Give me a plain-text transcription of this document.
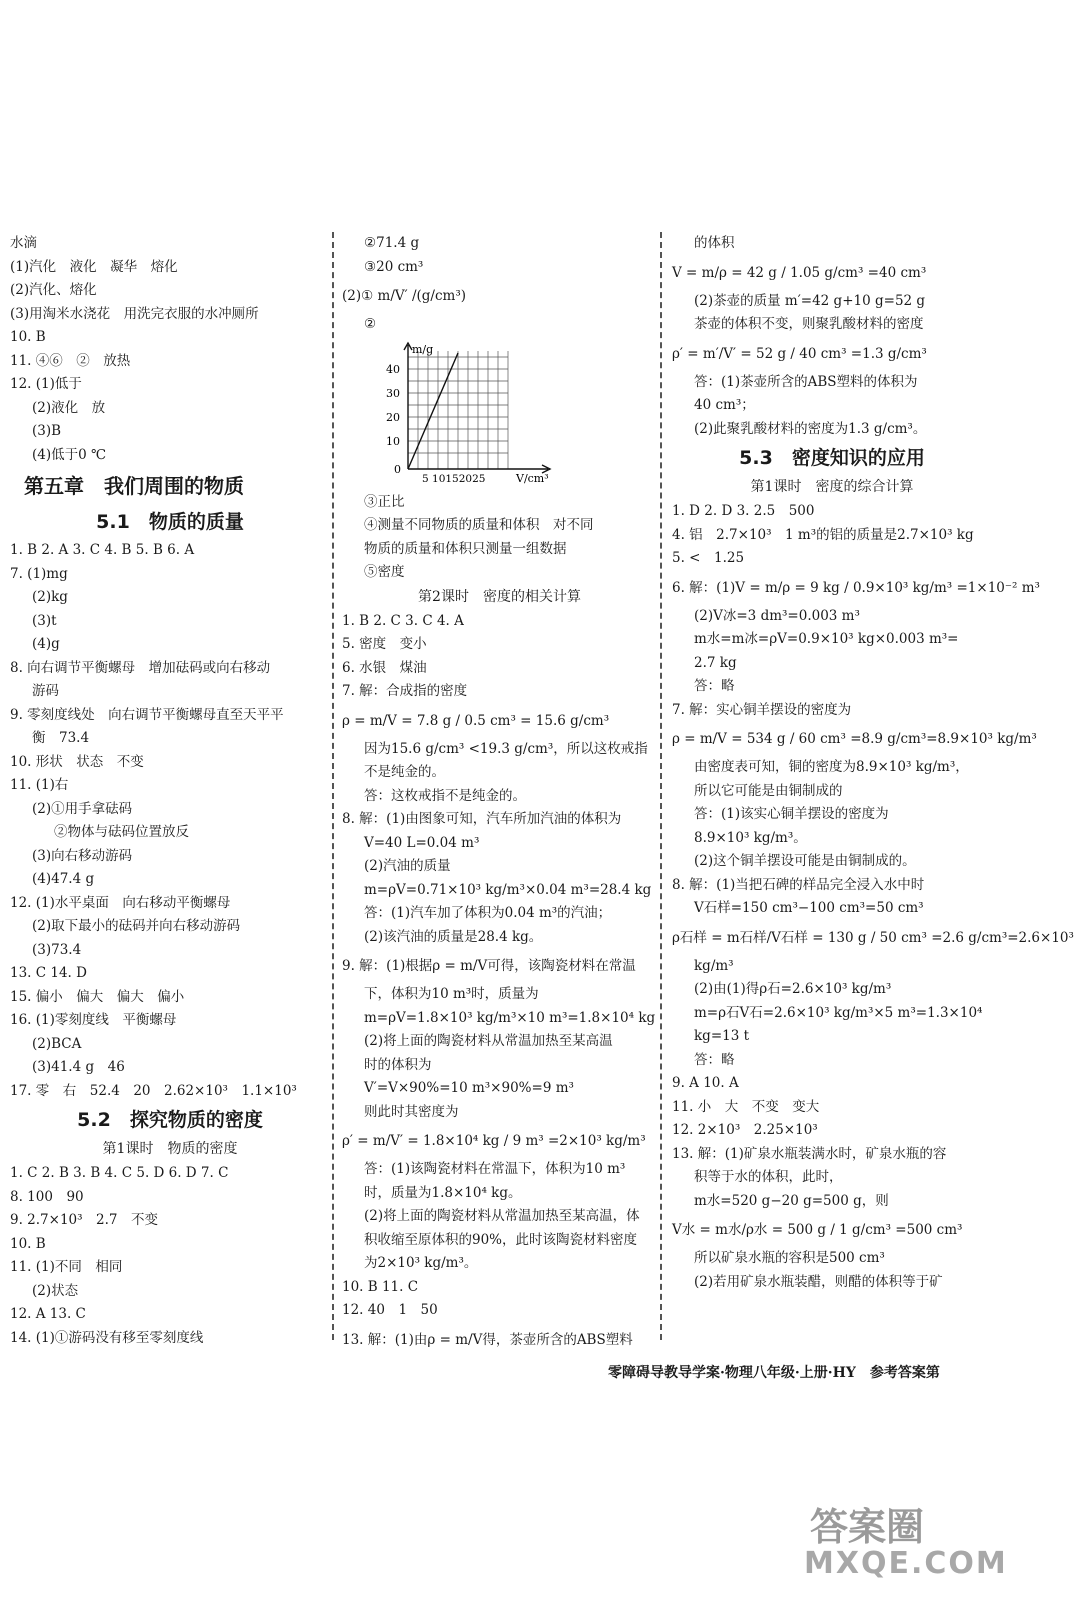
水滴
(1)汽化　液化　凝华　熔化
(2)汽化、熔化
(3)用淘米水浇花　用洗完衣服的水冲厕所
10. B
11. ④⑥　②　放热
12. (1)低于
(2)液化　放
(3)B
(4)低于0 ℃
第五章　我们周围的物质
5.1　物质的质量
1. B 2. A 3. C 4. B 5. B 6. A
7. (1)mg
(2)kg
(3)t
(4)g
8. 向右调节平衡螺母　增加砝码或向右移动
游码
9. 零刻度线处　向右调节平衡螺母直至天平平
衡　73.4
10. 形状　状态　不变
11. (1)右
(2)①用手拿砝码
②物体与砝码位置放反
(3)向右移动游码
(4)47.4 g
12. (1)水平桌面　向右移动平衡螺母
(2)取下最小的砝码并向右移动游码
(3)73.4
13. C 14. D
15. 偏小　偏大　偏大　偏小
16. (1)零刻度线　平衡螺母
(2)BCA
(3)41.4 g　46
17. 零　右　52.4　20　2.62×10³　1.1×10³
5.2　探究物质的密度
第1课时　物质的密度
1. C 2. B 3. B 4. C 5. D 6. D 7. C
8. 100　90
9. 2.7×10³　2.7　不变
10. B
11. (1)不同　相同
(2)状态
12. A 13. C
14. (1)①游码没有移至零刻度线
②71.4 g
③20 cm³
(2)① m/V′ /(g/cm³)
②
m/g
V/cm³
40
30
20
10
0
5 10152025
③正比
④测量不同物质的质量和体积　对不同
物质的质量和体积只测量一组数据
⑤密度
第2课时　密度的相关计算
1. B 2. C 3. C 4. A
5. 密度　变小
6. 水银　煤油
7. 解：合成指的密度
ρ = m/V = 7.8 g / 0.5 cm³ = 15.6 g/cm³
因为15.6 g/cm³ <19.3 g/cm³，所以这枚戒指
不是纯金的。
答：这枚戒指不是纯金的。
8. 解：(1)由图象可知，汽车所加汽油的体积为
V=40 L=0.04 m³
(2)汽油的质量
m=ρV=0.71×10³ kg/m³×0.04 m³=28.4 kg
答：(1)汽车加了体积为0.04 m³的汽油；
(2)该汽油的质量是28.4 kg。
9. 解：(1)根据ρ = m/V可得，该陶瓷材料在常温
下，体积为10 m³时，质量为
m=ρV=1.8×10³ kg/m³×10 m³=1.8×10⁴ kg
(2)将上面的陶瓷材料从常温加热至某高温
时的体积为
V′=V×90%=10 m³×90%=9 m³
则此时其密度为
ρ′ = m/V′ = 1.8×10⁴ kg / 9 m³ =2×10³ kg/m³
答：(1)该陶瓷材料在常温下，体积为10 m³
时，质量为1.8×10⁴ kg。
(2)将上面的陶瓷材料从常温加热至某高温，体
积收缩至原体积的90%，此时该陶瓷材料密度
为2×10³ kg/m³。
10. B 11. C
12. 40　1　50
13. 解：(1)由ρ = m/V得，茶壶所含的ABS塑料
的体积
V = m/ρ = 42 g / 1.05 g/cm³ =40 cm³
(2)茶壶的质量 m′=42 g+10 g=52 g
茶壶的体积不变，则聚乳酸材料的密度
ρ′ = m′/V′ = 52 g / 40 cm³ =1.3 g/cm³
答：(1)茶壶所含的ABS塑料的体积为
40 cm³；
(2)此聚乳酸材料的密度为1.3 g/cm³。
5.3　密度知识的应用
第1课时　密度的综合计算
1. D 2. D 3. 2.5　500
4. 铝　2.7×10³　1 m³的铝的质量是2.7×10³ kg
5. <　1.25
6. 解：(1)V = m/ρ = 9 kg / 0.9×10³ kg/m³ =1×10⁻² m³
(2)V冰=3 dm³=0.003 m³
m水=m冰=ρV=0.9×10³ kg×0.003 m³=
2.7 kg
答：略
7. 解：实心铜羊摆设的密度为
ρ = m/V = 534 g / 60 cm³ =8.9 g/cm³=8.9×10³ kg/m³
由密度表可知，铜的密度为8.9×10³ kg/m³，
所以它可能是由铜制成的
答：(1)该实心铜羊摆设的密度为
8.9×10³ kg/m³。
(2)这个铜羊摆设可能是由铜制成的。
8. 解：(1)当把石碑的样品完全浸入水中时
V石样=150 cm³−100 cm³=50 cm³
ρ石样 = m石样/V石样 = 130 g / 50 cm³ =2.6 g/cm³=2.6×10³
kg/m³
(2)由(1)得ρ石=2.6×10³ kg/m³
m=ρ石V石=2.6×10³ kg/m³×5 m³=1.3×10⁴
kg=13 t
答：略
9. A 10. A
11. 小　大　不变　变大
12. 2×10³　2.25×10³
13. 解：(1)矿泉水瓶装满水时，矿泉水瓶的容
积等于水的体积，此时，
m水=520 g−20 g=500 g，则
V水 = m水/ρ水 = 500 g / 1 g/cm³ =500 cm³
所以矿泉水瓶的容积是500 cm³
(2)若用矿泉水瓶装醋，则醋的体积等于矿
零障碍导教导学案·物理八年级·上册·HY　参考答案第
答案圈
MXQE.COM
